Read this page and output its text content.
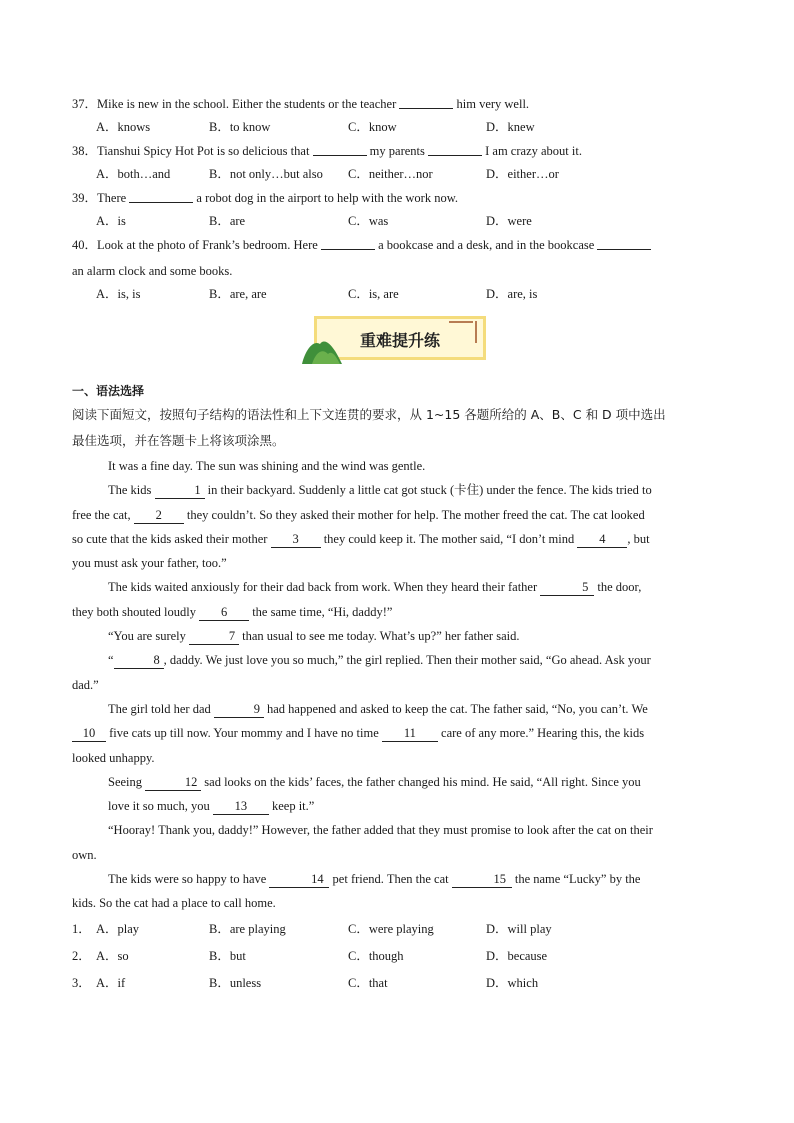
37．Mike is new in the school. Either the students or the teacher	him very well.
A．knows	B．to know	C．know	D．knew
38．Tianshui Spicy Hot Pot is so delicious that	my parents	I am crazy about it.
A．both…and	B．not only…but also C．neither…nor	D．either…or
39．There	a robot dog in the airport to help with the work now.
A．is	B．are	C．was	D．were
40．Look at the photo of Frank’s bedroom. Here	a bookcase and a desk, and in the bookcase
an alarm clock and some books.
A．is, is	B．are, are	C．is, are	D．are, is
重难提升练
一、语法选择
阅读下面短文，按照句子结构的语法性和上下文连贯的要求，从 1~15 各题所给的 A、B、C 和 D 项中选出
最佳选项，并在答题卡上将该项涂黑。
It was a fine day. The sun was shining and the wind was gentle.
The kids	1 in their backyard. Suddenly a little cat got stuck (卡住) under the fence. The kids tried to
free the cat, 2 they couldn’t. So they asked their mother for help. The mother freed the cat. The cat looked
so cute that the kids asked their mother 3 they could keep it. The mother said, “I don’t mind 4 , but
you must ask your father, too.”
The kids waited anxiously for their dad back from work. When they heard their father	5 the door,
they both shouted loudly 6 the same time, “Hi, daddy!”
“You are surely	7 than usual to see me today. What’s up?” her father said.
“	8 , daddy. We just love you so much,” the girl replied. Then their mother said, “Go ahead. Ask your
dad.”
The girl told her dad	9 had happened and asked to keep the cat. The father said, “No, you can’t. We
10 five cats up till now. Your mommy and I have no time 11 care of any more.” Hearing this, the kids
looked unhappy.
Seeing	12 sad looks on the kids’ faces, the father changed his mind. He said, “All right. Since you
love it so much, you 13 keep it.”
“Hooray! Thank you, daddy!” However, the father added that they must promise to look after the cat on their
own.
The kids were so happy to have	14 pet friend. Then the cat	15 the name “Lucky” by the
kids. So the cat had a place to call home.
1． A．play	B．are playing	C．were playing	D．will play
2． A．so	B．but	C．though	D．because
3． A．if	B．unless	C．that	D．which
